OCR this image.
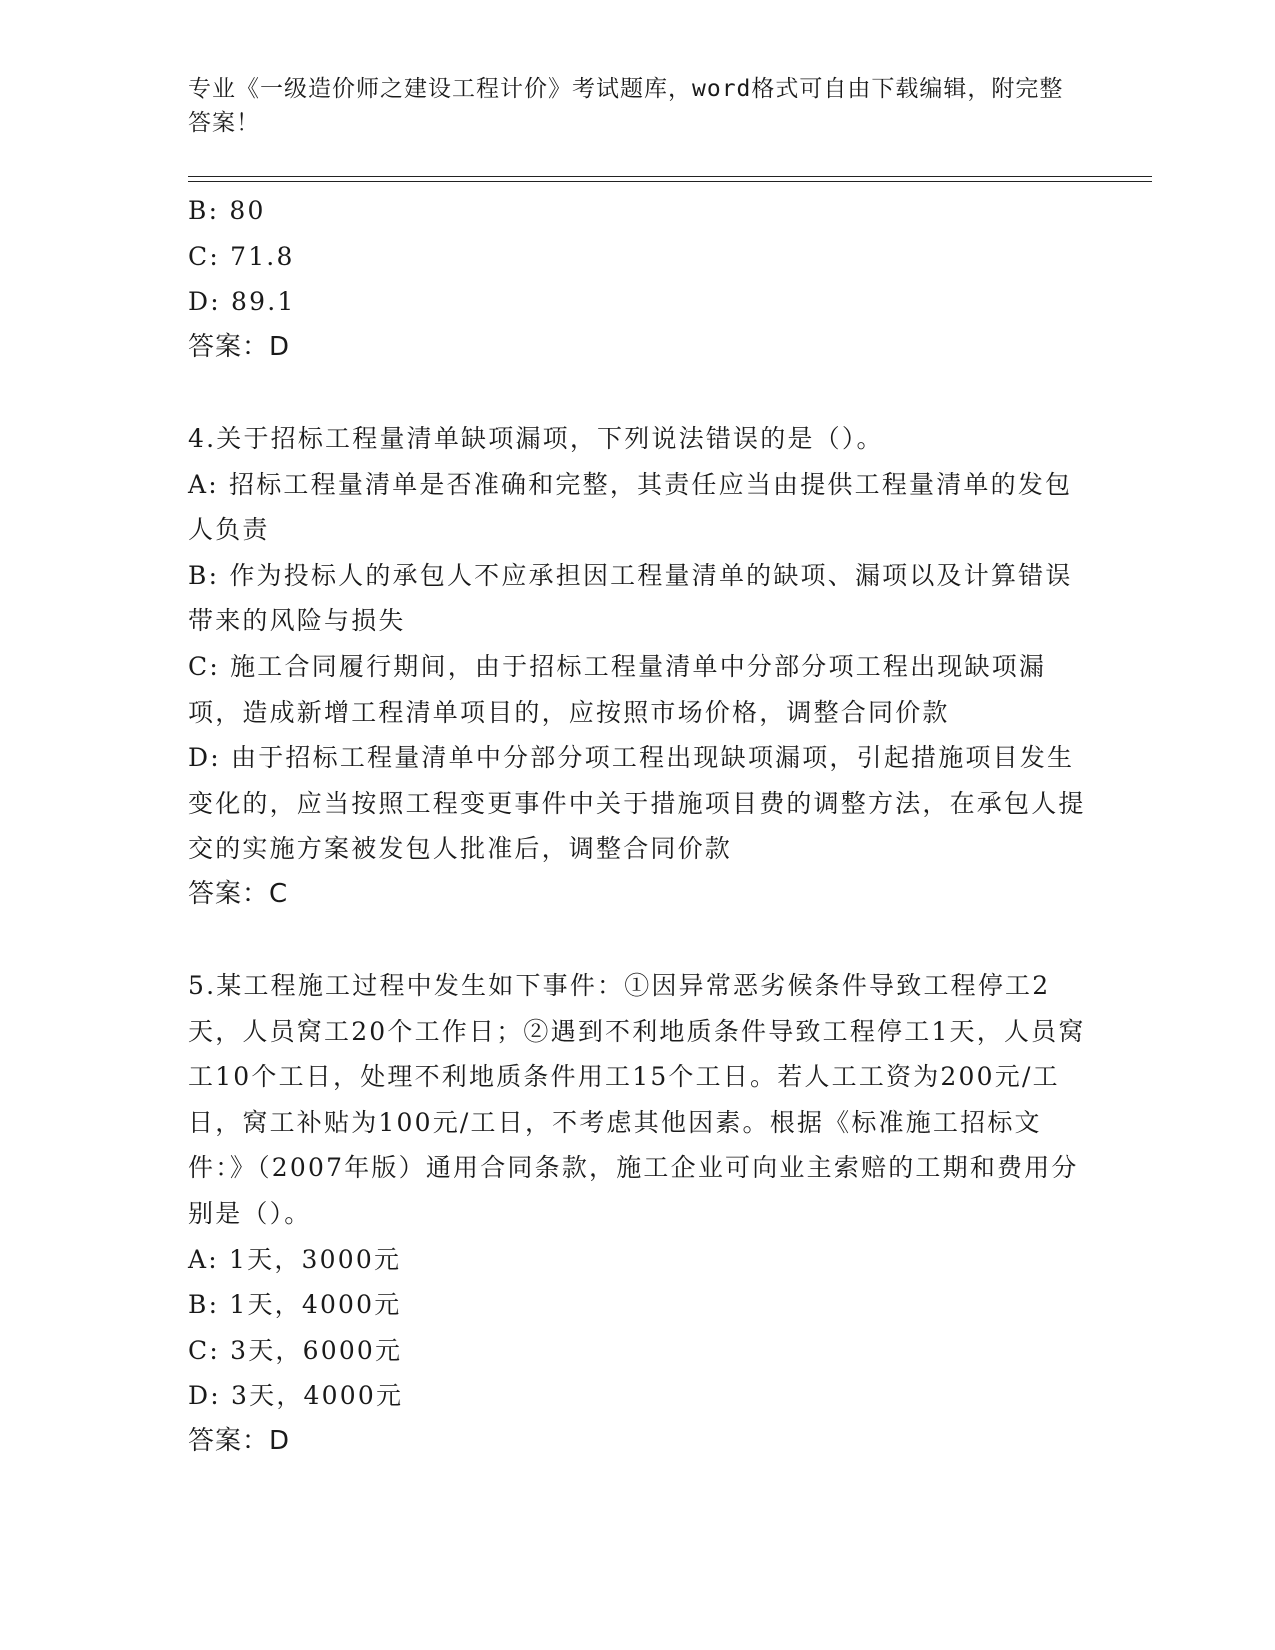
专业《一级造价师之建设工程计价》考试题库，word格式可自由下载编辑，附完整答案！
B: 80
C: 71.8
D: 89.1
答案：D
4.关于招标工程量清单缺项漏项，下列说法错误的是（）。
A: 招标工程量清单是否准确和完整，其责任应当由提供工程量清单的发包人负责
B: 作为投标人的承包人不应承担因工程量清单的缺项、漏项以及计算错误带来的风险与损失
C: 施工合同履行期间，由于招标工程量清单中分部分项工程出现缺项漏项，造成新增工程清单项目的，应按照市场价格，调整合同价款
D: 由于招标工程量清单中分部分项工程出现缺项漏项，引起措施项目发生变化的，应当按照工程变更事件中关于措施项目费的调整方法，在承包人提交的实施方案被发包人批准后，调整合同价款
答案：C
5.某工程施工过程中发生如下事件：①因异常恶劣候条件导致工程停工2天，人员窝工20个工作日；②遇到不利地质条件导致工程停工1天，人员窝工10个工日，处理不利地质条件用工15个工日。若人工工资为200元/工日，窝工补贴为100元/工日，不考虑其他因素。根据《标准施工招标文件：》（2007年版）通用合同条款，施工企业可向业主索赔的工期和费用分别是（）。
A: 1天，3000元
B: 1天，4000元
C: 3天，6000元
D: 3天，4000元
答案：D
